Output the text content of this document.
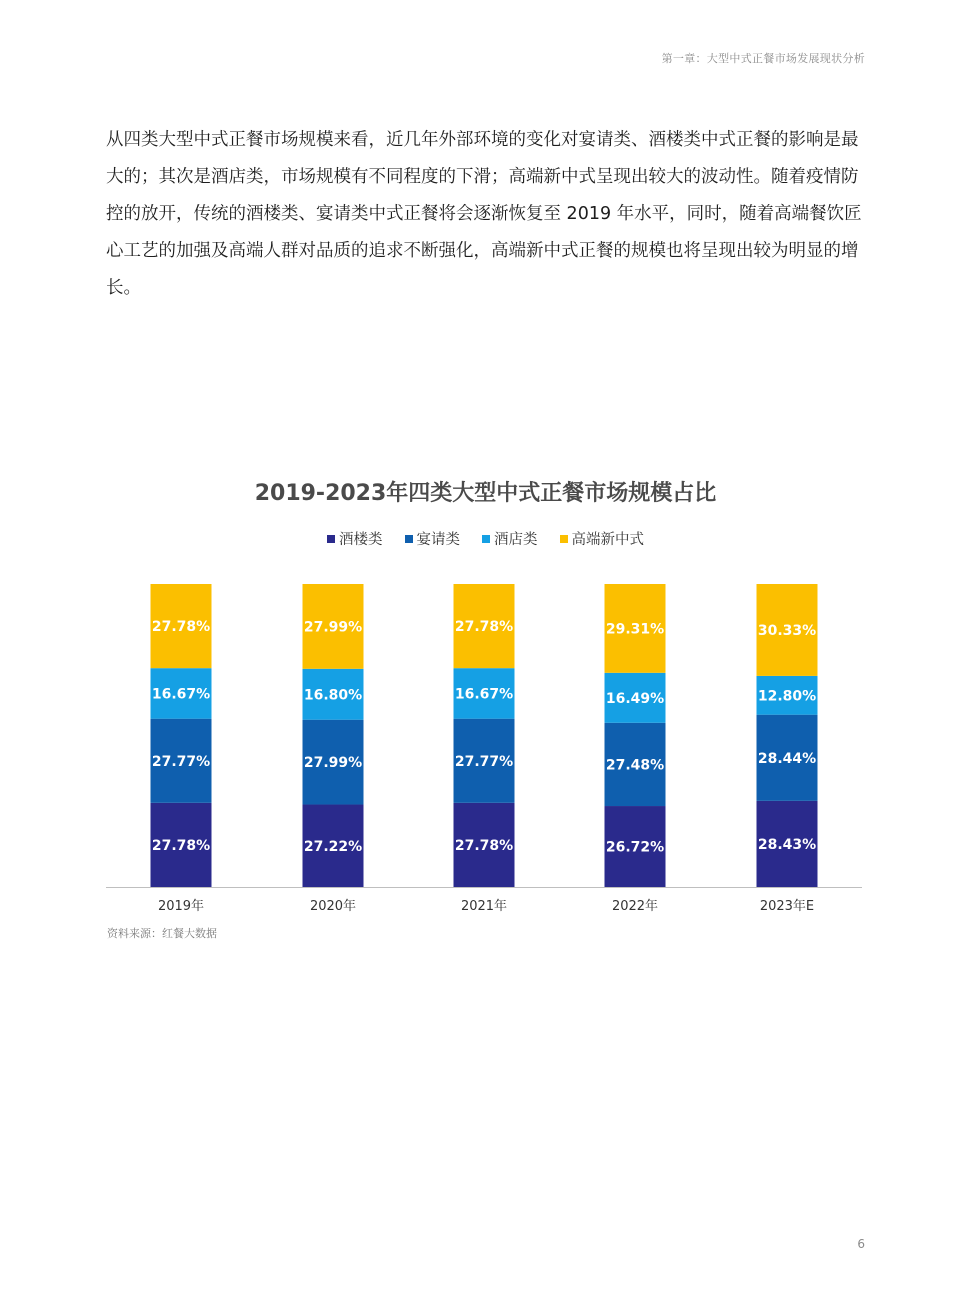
第一章：大型中式正餐市场发展现状分析

从四类大型中式正餐市场规模来看，近几年外部环境的变化对宴请类、酒楼类中式正餐的影响是最大的；其次是酒店类，市场规模有不同程度的下滑；高端新中式呈现出较大的波动性。随着疫情防控的放开，传统的酒楼类、宴请类中式正餐将会逐渐恢复至 2019 年水平，同时，随着高端餐饮匠心工艺的加强及高端人群对品质的追求不断强化，高端新中式正餐的规模也将呈现出较为明显的增长。

2019-2023年四类大型中式正餐市场规模占比
酒楼类 宴请类 酒店类 高端新中式
27.78%
27.77%
16.67%
27.78%
2019年
27.22%
27.99%
16.80%
27.99%
2020年
27.78%
27.77%
16.67%
27.78%
2021年
26.72%
27.48%
16.49%
29.31%
2022年
28.43%
28.44%
12.80%
30.33%
2023年E
资料来源：红餐大数据
6
